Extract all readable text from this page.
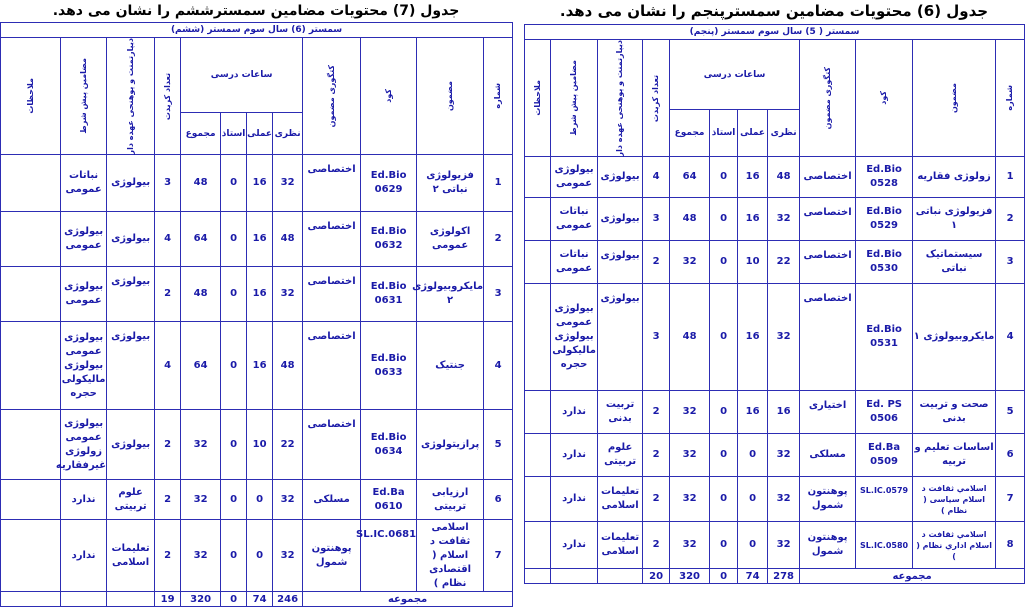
جدول (7) محتویات مضامین سمسترششم را نشان می دهد.
سمستر (6) سال سوم سمستر (ششم)											

شماره	مضمون	کود	کتگوری مضمون	ساعات درسی				تعداد کریدت	دیپارتمنت و پوهنحی عهده دار	مضامین پیش شرط	ملاحظات

				نظری	عملی	استاذ	مجموع				
1	فزیولوژی نباتی ۲	Ed.Bio 0629	اختصاصی	32	16	0	48	3	بیولوژی	نباتات عمومی	
2	اکولوژی عمومی	Ed.Bio 0632	اختصاصی	48	16	0	64	4	بیولوژی	بیولوژی عمومی	
3	مایکروبیولوژی ۲	Ed.Bio 0631	اختصاصی	32	16	0	48	2	بیولوژی	بیولوژی عمومی	
4	جنتیک	Ed.Bio 0633	اختصاصی	48	16	0	64	4	بیولوژی	بیولوژی عمومی بیولوژی مالیکولی حجره	
5	پرازیتولوژی	Ed.Bio 0634	اختصاصی	22	10	0	32	2	بیولوژی	بیولوژی عمومی زولوژی غیرفقاریه	
6	ارزیابی تربیتی	Ed.Ba 0610	مسلکی	32	0	0	32	2	علوم تربیتی	ندارد	
7	اسلامی ثقافت د اسلام ( اقتصادی نظام )	SL.IC.0681	پوهنتون شمول	32	0	0	32	2	تعلیمات اسلامی	ندارد	
مجموعه				246	74	0	320	19			
جدول (6) محتویات مضامین سمسترپنجم را نشان می دهد.
سمستر ( 5) سال سوم سمستر (پنجم)											

شماره	مضمون	کود	کتگوری مضمون	ساعات درسی				تعداد کریدت	دیپارتمنت و پوهنحی عهده دار	مضامین پیش شرط	ملاحظات

				نظری	عملی	استاذ	مجموع				
1	زولوژی فقاریه	Ed.Bio 0528	اختصاصی	48	16	0	64	4	بیولوژی	بیولوژی عمومی	
2	فزیولوژی نباتی ۱	Ed.Bio 0529	اختصاصی	32	16	0	48	3	بیولوژی	نباتات عمومی	
3	سیستماتیک نباتی	Ed.Bio 0530	اختصاصی	22	10	0	32	2	بیولوژی	نباتات عمومی	
4	مایکروبیولوژی ۱	Ed.Bio 0531	اختصاصی	32	16	0	48	3	بیولوژی	بیولوژی عمومی بیولوژی مالیکولی حجره	
5	صحت و تربیت بدنی	Ed. PS 0506	اختیاری	16	16	0	32	2	تربیت بدنی	ندارد	
6	اساسات تعلیم و تربیه	Ed.Ba 0509	مسلکی	32	0	0	32	2	علوم تربیتی	ندارد	
7	اسلامي ثقافت د اسلام سیاسی ( نظام )	SL.IC.0579	پوهنتون شمول	32	0	0	32	2	تعلیمات اسلامی	ندارد	
8	اسلامي ثقافت د اسلام اداري نظام ( )	SL.IC.0580	پوهنتون شمول	32	0	0	32	2	تعلیمات اسلامی	ندارد	
مجموعه				278	74	0	320	20			
